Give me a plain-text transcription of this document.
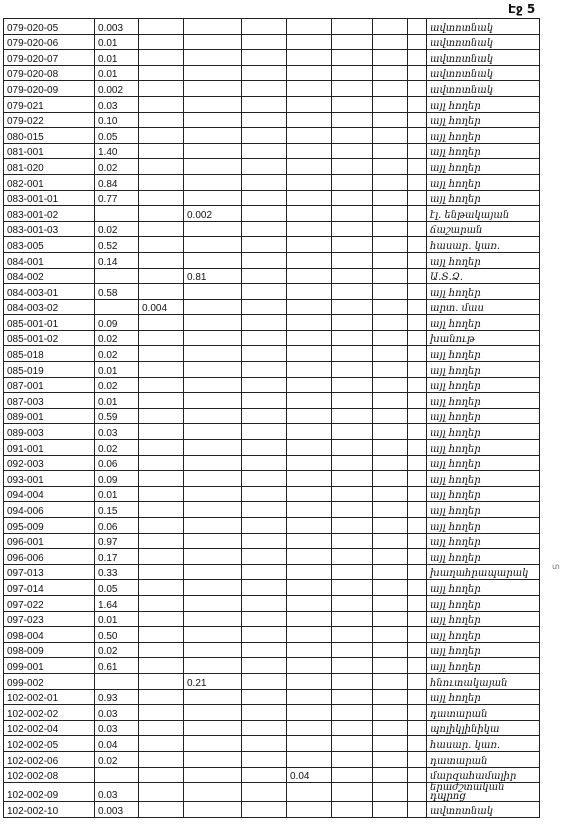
Էջ 5
տ
079-020-05	0.003								ավտոտնակ
079-020-06	0.01								ավտոտնակ
079-020-07	0.01								ավտոտնակ
079-020-08	0.01								ավտոտնակ
079-020-09	0.002								ավտոտնակ
079-021	0.03								այլ հողեր
079-022	0.10								այլ հողեր
080-015	0.05								այլ հողեր
081-001	1.40								այլ հողեր
081-020	0.02								այլ հողեր
082-001	0.84								այլ հողեր
083-001-01	0.77								այլ հողեր
083-001-02			0.002						էլ. ենթակայան
083-001-03	0.02								ճաշարան
083-005	0.52								հասար. կառ.
084-001	0.14								այլ հողեր
084-002			0.81						Ա.Տ.Ձ.
084-003-01	0.58								այլ հողեր
084-003-02		0.004							արտ. մաս
085-001-01	0.09								այլ հողեր
085-001-02	0.02								խանութ
085-018	0.02								այլ հողեր
085-019	0.01								այլ հողեր
087-001	0.02								այլ հողեր
087-003	0.01								այլ հողեր
089-001	0.59								այլ հողեր
089-003	0.03								այլ հողեր
091-001	0.02								այլ հողեր
092-003	0.06								այլ հողեր
093-001	0.09								այլ հողեր
094-004	0.01								այլ հողեր
094-006	0.15								այլ հողեր
095-009	0.06								այլ հողեր
096-001	0.97								այլ հողեր
096-006	0.17								այլ հողեր
097-013	0.33								խաղահրապարակ
097-014	0.05								այլ հողեր
097-022	1.64								այլ հողեր
097-023	0.01								այլ հողեր
098-004	0.50								այլ հողեր
098-009	0.02								այլ հողեր
099-001	0.61								այլ հողեր
099-002			0.21						հնուտակայան
102-002-01	0.93								այլ հողեր
102-002-02	0.03								դատարան
102-002-04	0.03								պոլիկլինիկա
102-002-05	0.04								հասար. կառ.
102-002-06	0.02								դատարան
102-002-08					0.04				մարզահամալիր
102-002-09	0.03								երաժշտական դպրոց
102-002-10	0.003								ավտոտնակ
